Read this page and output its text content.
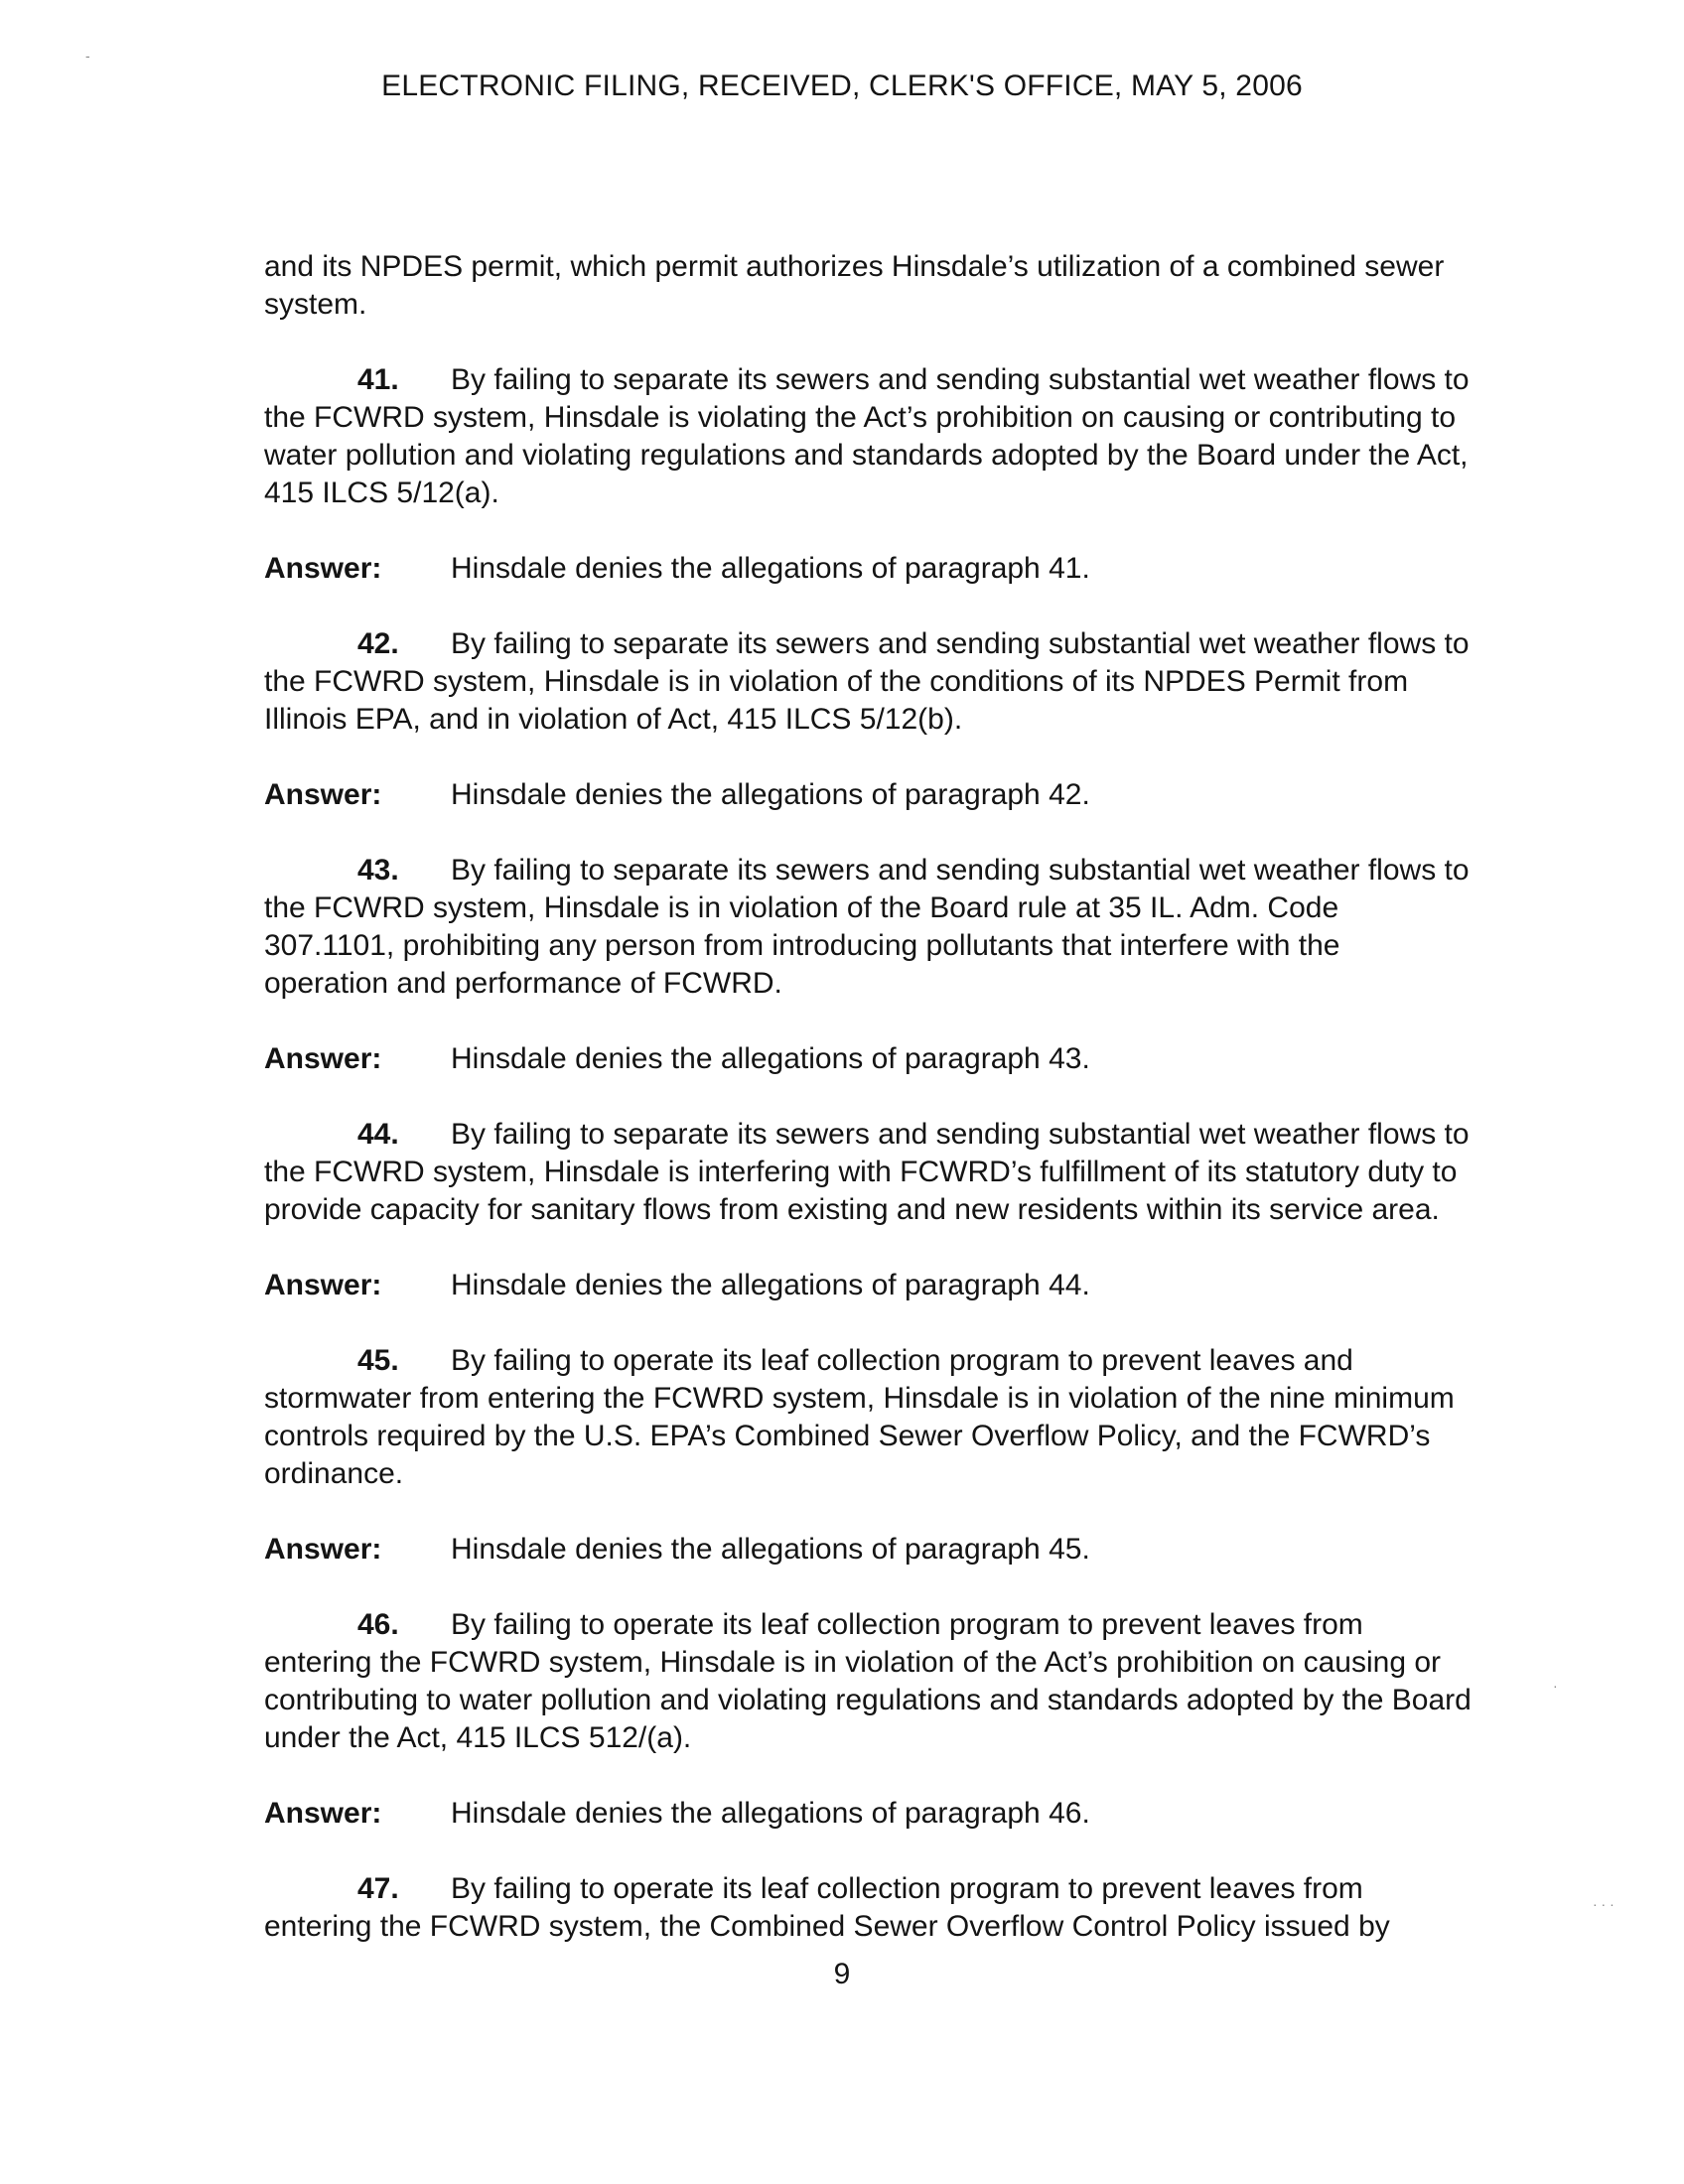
-
ELECTRONIC FILING, RECEIVED, CLERK'S OFFICE, MAY 5, 2006

and its NPDES permit, which permit authorizes Hinsdale’s utilization of a combined sewer system.

41. By failing to separate its sewers and sending substantial wet weather flows to the FCWRD system, Hinsdale is violating the Act’s prohibition on causing or contributing to water pollution and violating regulations and standards adopted by the Board under the Act, 415 ILCS 5/12(a).

Answer:	Hinsdale denies the allegations of paragraph 41.

42. By failing to separate its sewers and sending substantial wet weather flows to the FCWRD system, Hinsdale is in violation of the conditions of its NPDES Permit from Illinois EPA, and in violation of Act, 415 ILCS 5/12(b).

Answer:	Hinsdale denies the allegations of paragraph 42.

43. By failing to separate its sewers and sending substantial wet weather flows to the FCWRD system, Hinsdale is in violation of the Board rule at 35 IL. Adm. Code 307.1101, prohibiting any person from introducing pollutants that interfere with the operation and performance of FCWRD.

Answer:	Hinsdale denies the allegations of paragraph 43.

44. By failing to separate its sewers and sending substantial wet weather flows to the FCWRD system, Hinsdale is interfering with FCWRD’s fulfillment of its statutory duty to provide capacity for sanitary flows from existing and new residents within its service area.

Answer:	Hinsdale denies the allegations of paragraph 44.

45. By failing to operate its leaf collection program to prevent leaves and stormwater from entering the FCWRD system, Hinsdale is in violation of the nine minimum controls required by the U.S. EPA’s Combined Sewer Overflow Policy, and the FCWRD’s ordinance.

Answer:	Hinsdale denies the allegations of paragraph 45.

46. By failing to operate its leaf collection program to prevent leaves from entering the FCWRD system, Hinsdale is in violation of the Act’s prohibition on causing or contributing to water pollution and violating regulations and standards adopted by the Board under the Act, 415 ILCS 512/(a).

Answer:	Hinsdale denies the allegations of paragraph 46.

47. By failing to operate its leaf collection program to prevent leaves from entering the FCWRD system, the Combined Sewer Overflow Control Policy issued by

·
· · ·
9
